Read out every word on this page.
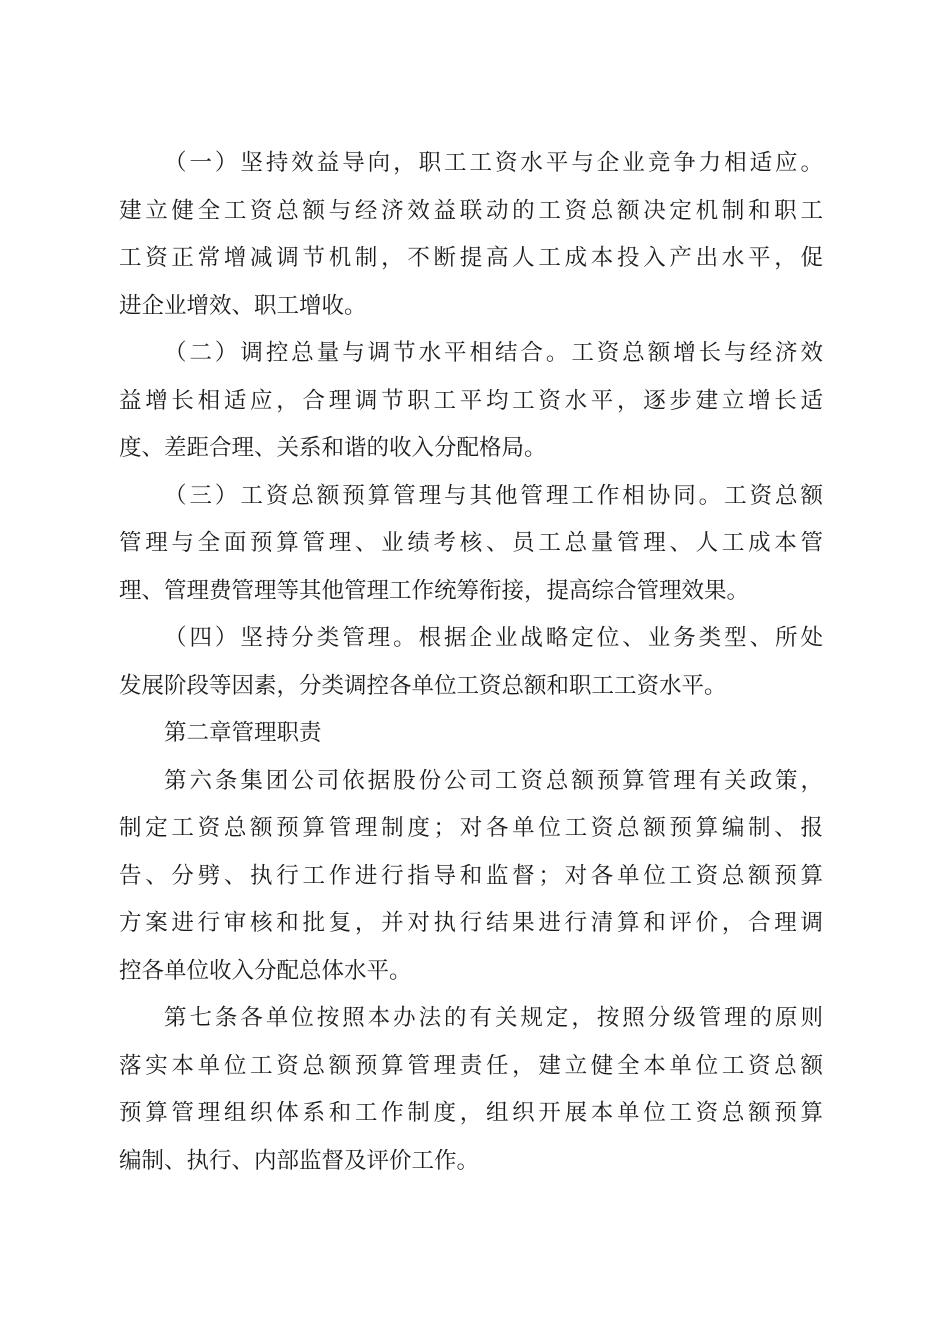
（一）坚持效益导向，职工工资水平与企业竞争力相适应。
建立健全工资总额与经济效益联动的工资总额决定机制和职工
工资正常增减调节机制，不断提高人工成本投入产出水平，促
进企业增效、职工增收。
（二）调控总量与调节水平相结合。工资总额增长与经济效
益增长相适应，合理调节职工平均工资水平，逐步建立增长适
度、差距合理、关系和谐的收入分配格局。
（三）工资总额预算管理与其他管理工作相协同。工资总额
管理与全面预算管理、业绩考核、员工总量管理、人工成本管
理、管理费管理等其他管理工作统筹衔接，提高综合管理效果。
（四）坚持分类管理。根据企业战略定位、业务类型、所处
发展阶段等因素，分类调控各单位工资总额和职工工资水平。
第二章管理职责
第六条集团公司依据股份公司工资总额预算管理有关政策，
制定工资总额预算管理制度；对各单位工资总额预算编制、报
告、分劈、执行工作进行指导和监督；对各单位工资总额预算
方案进行审核和批复，并对执行结果进行清算和评价，合理调
控各单位收入分配总体水平。
第七条各单位按照本办法的有关规定，按照分级管理的原则
落实本单位工资总额预算管理责任，建立健全本单位工资总额
预算管理组织体系和工作制度，组织开展本单位工资总额预算
编制、执行、内部监督及评价工作。
